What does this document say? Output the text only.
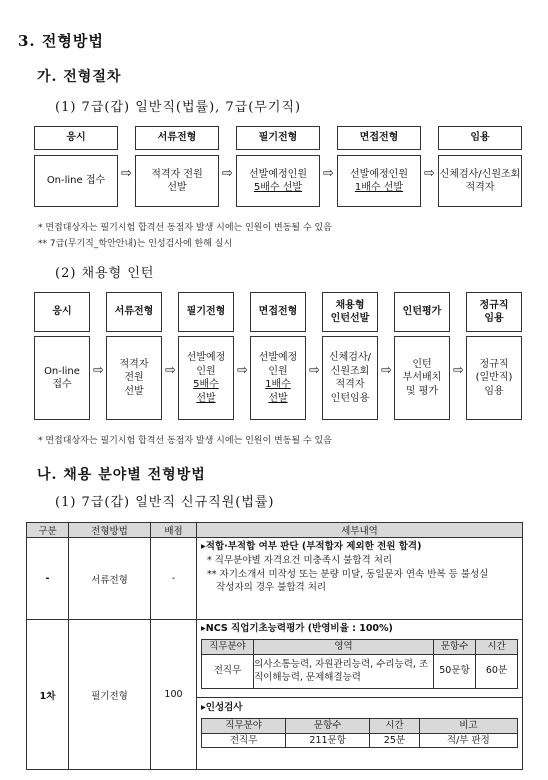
3. 전형방법
가. 전형절차
(1) 7급(갑) 일반직(법률), 7급(무기직)
응시
On-line 접수 ⇨
서류전형
적격자 전원
선발
⇨
필기전형
선발예정인원
5배수 선발
⇨
면접전형
선발예정인원
1배수 선발
⇨
임용
신체검사/신원조회
적격자
* 면접대상자는 필기시험 합격선 동점자 발생 시에는 인원이 변동될 수 있음
** 7급(무기직_학안안내)는 인성검사에 한해 실시
(2) 채용형 인턴
응시
On-line
접수
⇨
서류전형
적격자
전원
선발
⇨
필기전형
선발예정
인원
5배수
선발
⇨
면접전형
선발예정
인원
1배수
선발
⇨
채용형
인턴선발
신체검사/
신원조회
적격자
인턴임용
⇨
인턴평가
인턴
부서배치
및 평가
⇨
정규직
임용
정규직
(일반직)
임용
* 면접대상자는 필기시험 합격선 동점자 발생 시에는 인원이 변동될 수 있음
나. 채용 분야별 전형방법
(1) 7급(갑) 일반직 신규직원(법률)
구분	전형방법	배점	세부내역
-	서류전형	-	
▸적합·부적합 여부 판단 (부적합자 제외한 전원 합격)
* 직무분야별 자격요건 미충족시 불합격 처리
** 자기소개서 미작성 또는 분량 미달, 동일문자 연속 반복 등 불성실
작성자의 경우 불합격 처리

1차	필기전형	100	
▸NCS 직업기초능력평가 (반영비율 : 100%)
직무분야	영역	문항수	시간
전직무	의사소통능력, 자원관리능력, 수리능력, 조직이해능력, 문제해결능력	50문항	60분
▸인성검사
직무분야	문항수	시간	비고
전직무	211문항	25분	적/부 판정
